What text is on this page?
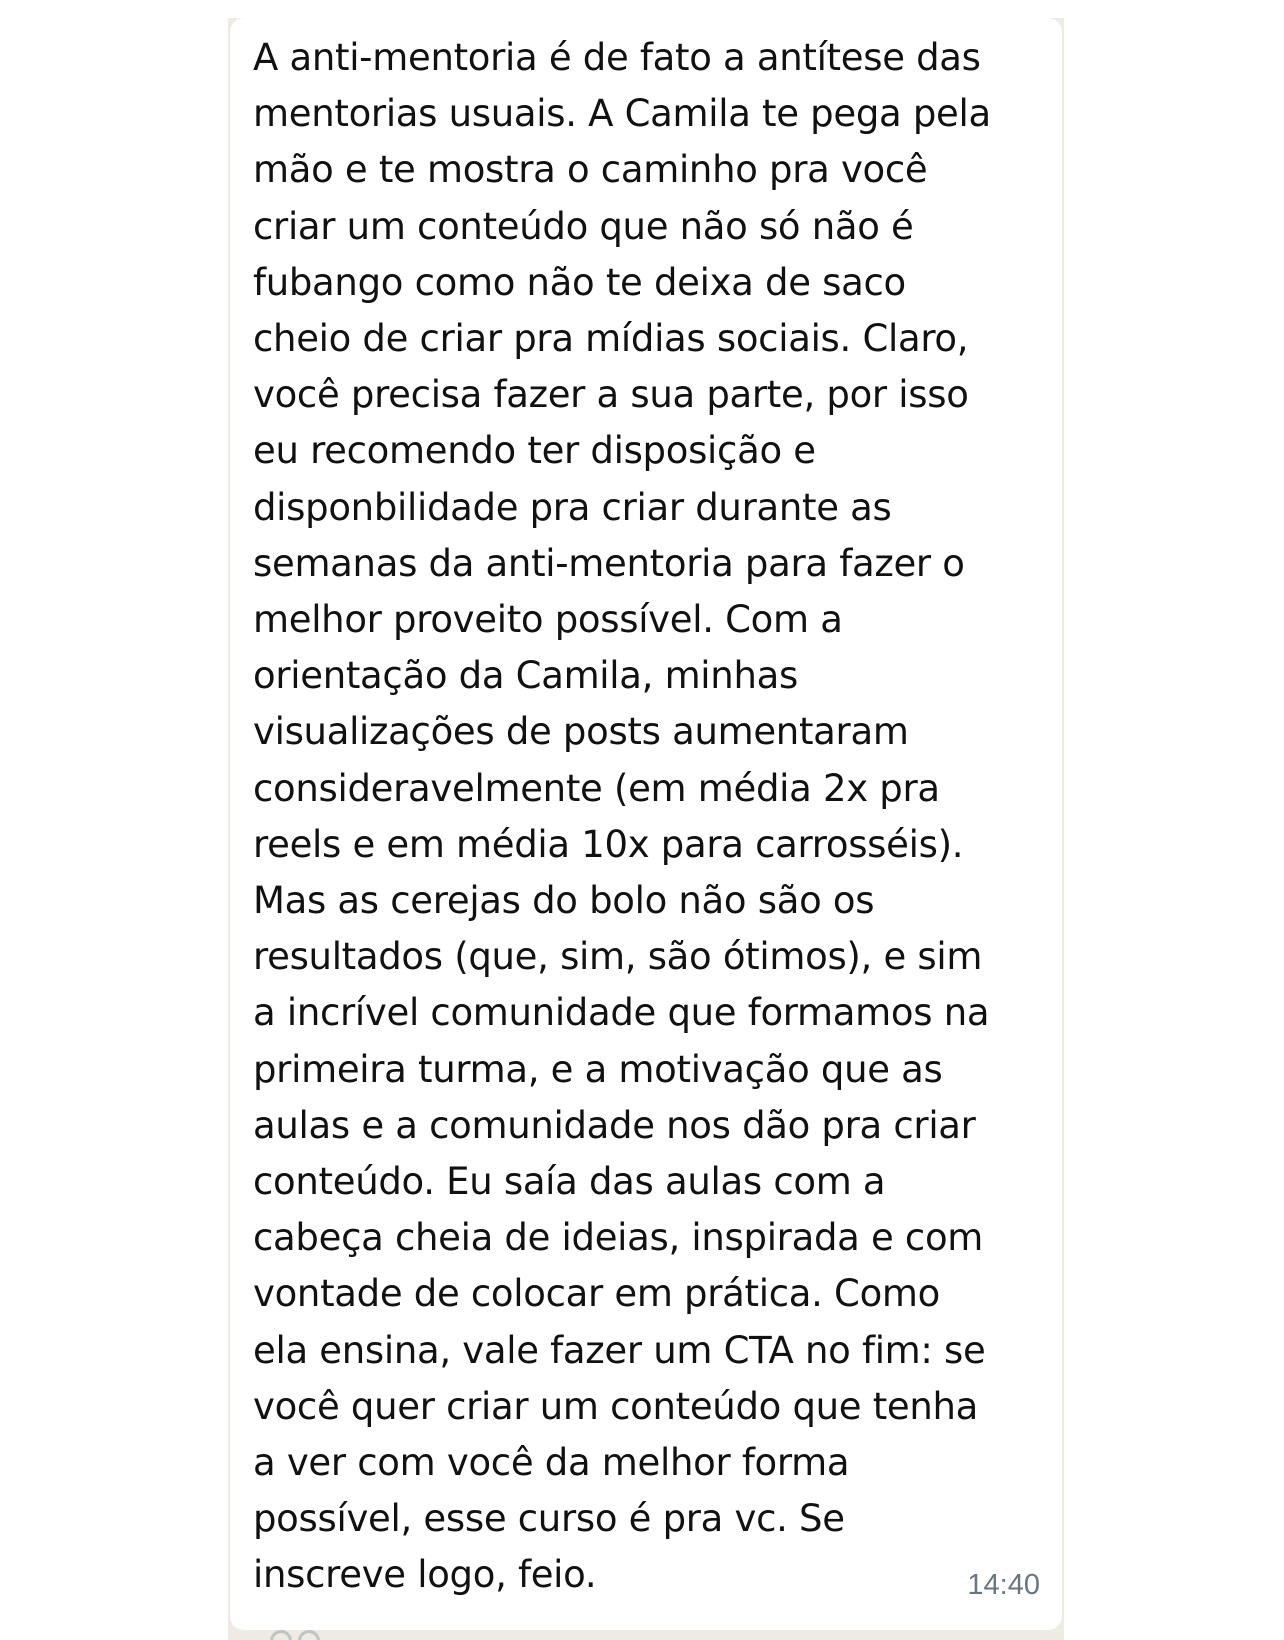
A anti-mentoria é de fato a antítese das
mentorias usuais. A Camila te pega pela
mão e te mostra o caminho pra você
criar um conteúdo que não só não é
fubango como não te deixa de saco
cheio de criar pra mídias sociais. Claro,
você precisa fazer a sua parte, por isso
eu recomendo ter disposição e
disponbilidade pra criar durante as
semanas da anti-mentoria para fazer o
melhor proveito possível. Com a
orientação da Camila, minhas
visualizações de posts aumentaram
consideravelmente (em média 2x pra
reels e em média 10x para carrosséis).
Mas as cerejas do bolo não são os
resultados (que, sim, são ótimos), e sim
a incrível comunidade que formamos na
primeira turma, e a motivação que as
aulas e a comunidade nos dão pra criar
conteúdo. Eu saía das aulas com a
cabeça cheia de ideias, inspirada e com
vontade de colocar em prática. Como
ela ensina, vale fazer um CTA no fim: se
você quer criar um conteúdo que tenha
a ver com você da melhor forma
possível, esse curso é pra vc. Se
inscreve logo, feio.	14:40
